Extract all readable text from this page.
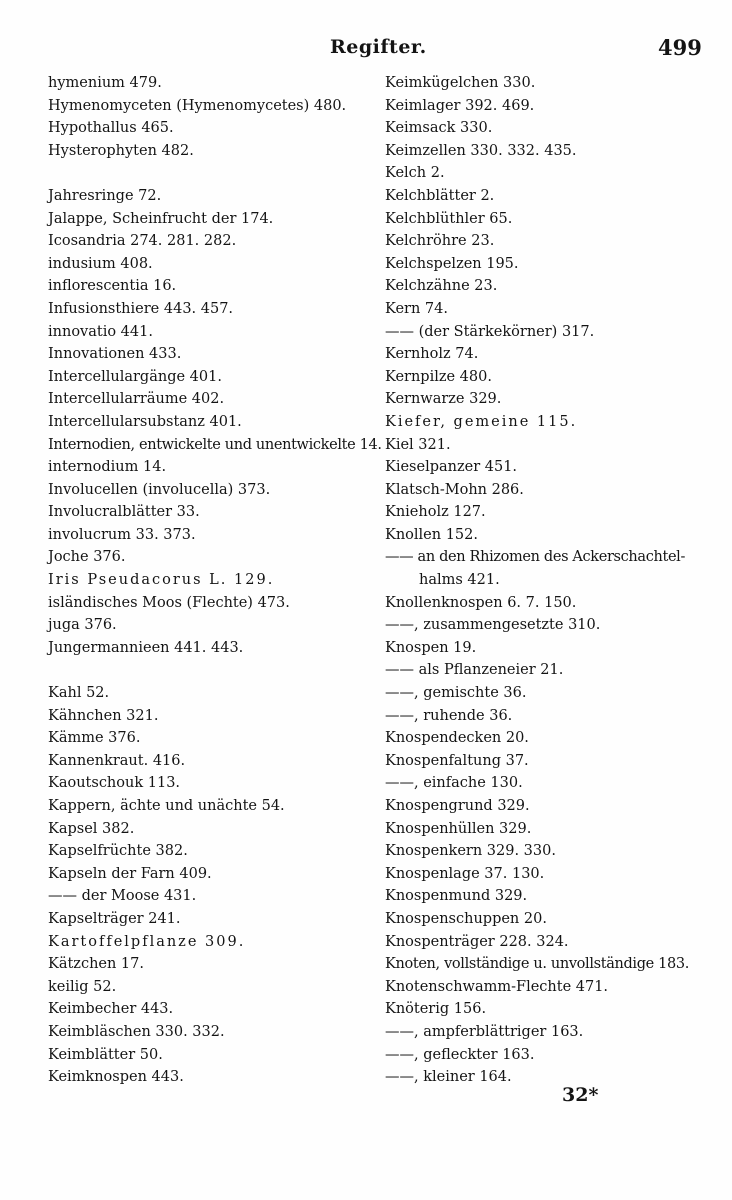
Regifter.	499
hymenium 479.
Hymenomyceten (Hymenomycetes) 480.
Hypothallus 465.
Hysterophyten 482.
Jahresringe 72.
Jalappe, Scheinfrucht der 174.
Icosandria 274. 281. 282.
indusium 408.
inflorescentia 16.
Infusionsthiere 443. 457.
innovatio 441.
Innovationen 433.
Intercellulargänge 401.
Intercellularräume 402.
Intercellularsubstanz 401.
Internodien, entwickelte und unentwickelte 14.
internodium 14.
Involucellen (involucella) 373.
Involucralblätter 33.
involucrum 33. 373.
Joche 376.
Iris Pseudacorus L. 129.
isländisches Moos (Flechte) 473.
juga 376.
Jungermannieen 441. 443.
Kahl 52.
Kähnchen 321.
Kämme 376.
Kannenkraut. 416.
Kaoutschouk 113.
Kappern, ächte und unächte 54.
Kapsel 382.
Kapselfrüchte 382.
Kapseln der Farn 409.
—— der Moose 431.
Kapselträger 241.
Kartoffelpflanze 309.
Kätzchen 17.
keilig 52.
Keimbecher 443.
Keimbläschen 330. 332.
Keimblätter 50.
Keimknospen 443.
Keimkügelchen 330.
Keimlager 392. 469.
Keimsack 330.
Keimzellen 330. 332. 435.
Kelch 2.
Kelchblätter 2.
Kelchblüthler 65.
Kelchröhre 23.
Kelchspelzen 195.
Kelchzähne 23.
Kern 74.
—— (der Stärkekörner) 317.
Kernholz 74.
Kernpilze 480.
Kernwarze 329.
Kiefer, gemeine 115.
Kiel 321.
Kieselpanzer 451.
Klatsch-Mohn 286.
Knieholz 127.
Knollen 152.
—— an den Rhizomen des Ackerschachtel-
halms 421.
Knollenknospen 6. 7. 150.
——, zusammengesetzte 310.
Knospen 19.
—— als Pflanzeneier 21.
——, gemischte 36.
——, ruhende 36.
Knospendecken 20.
Knospenfaltung 37.
——, einfache 130.
Knospengrund 329.
Knospenhüllen 329.
Knospenkern 329. 330.
Knospenlage 37. 130.
Knospenmund 329.
Knospenschuppen 20.
Knospenträger 228. 324.
Knoten, vollständige u. unvollständige 183.
Knotenschwamm-Flechte 471.
Knöterig 156.
——, ampferblättriger 163.
——, gefleckter 163.
——, kleiner 164.
32*
